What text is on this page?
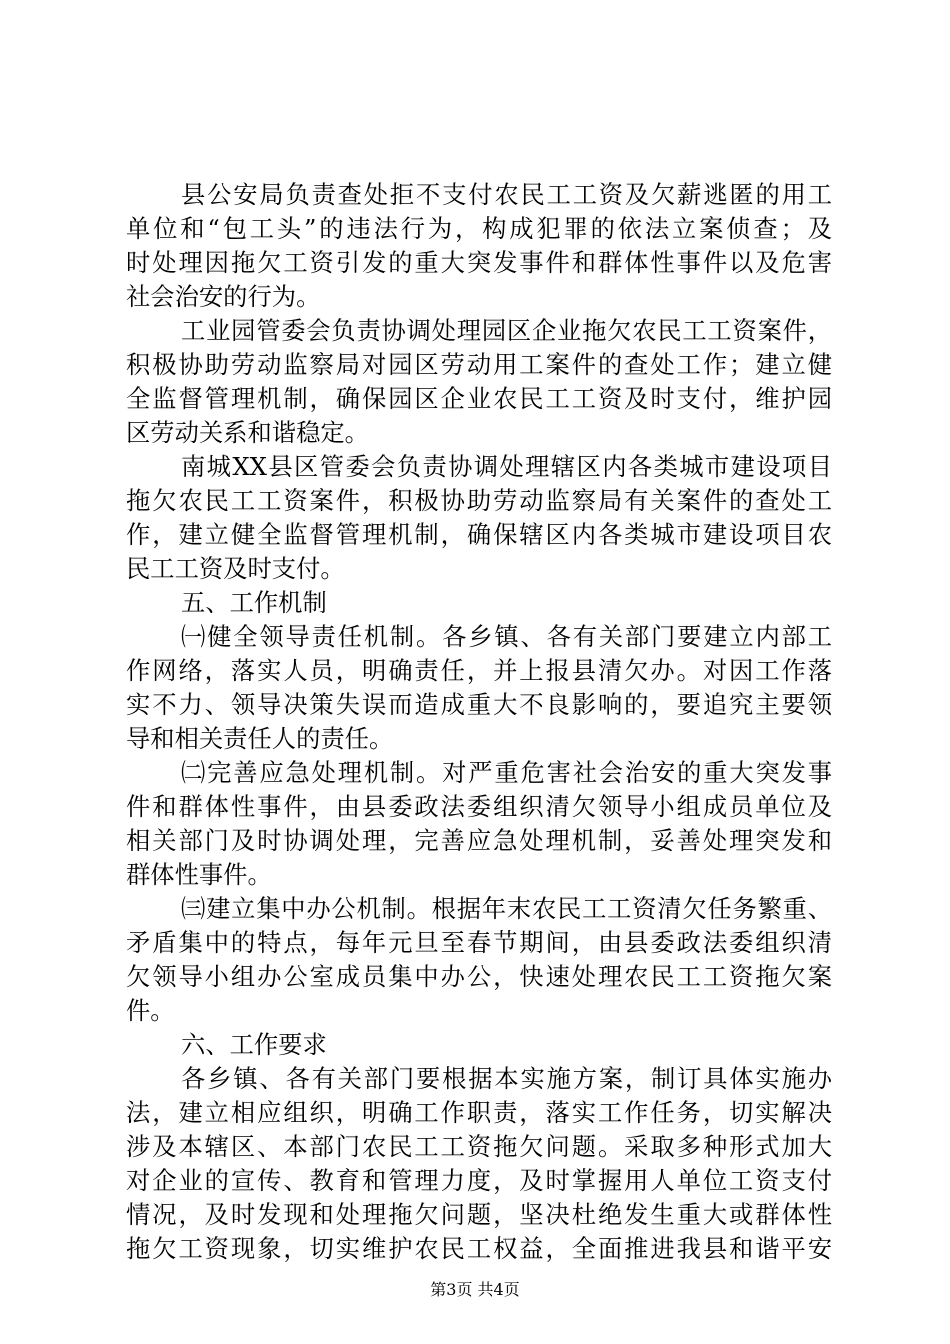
县公安局负责查处拒不支付农民工工资及欠薪逃匿的用工
单位和“包工头”的违法行为，构成犯罪的依法立案侦查；及
时处理因拖欠工资引发的重大突发事件和群体性事件以及危害
社会治安的行为。
工业园管委会负责协调处理园区企业拖欠农民工工资案件，
积极协助劳动监察局对园区劳动用工案件的查处工作；建立健
全监督管理机制，确保园区企业农民工工资及时支付，维护园
区劳动关系和谐稳定。
南城XX县区管委会负责协调处理辖区内各类城市建设项目
拖欠农民工工资案件，积极协助劳动监察局有关案件的查处工
作，建立健全监督管理机制，确保辖区内各类城市建设项目农
民工工资及时支付。
五、工作机制
㈠健全领导责任机制。各乡镇、各有关部门要建立内部工
作网络，落实人员，明确责任，并上报县清欠办。对因工作落
实不力、领导决策失误而造成重大不良影响的，要追究主要领
导和相关责任人的责任。
㈡完善应急处理机制。对严重危害社会治安的重大突发事
件和群体性事件，由县委政法委组织清欠领导小组成员单位及
相关部门及时协调处理，完善应急处理机制，妥善处理突发和
群体性事件。
㈢建立集中办公机制。根据年末农民工工资清欠任务繁重、
矛盾集中的特点，每年元旦至春节期间，由县委政法委组织清
欠领导小组办公室成员集中办公，快速处理农民工工资拖欠案
件。
六、工作要求
各乡镇、各有关部门要根据本实施方案，制订具体实施办
法，建立相应组织，明确工作职责，落实工作任务，切实解决
涉及本辖区、本部门农民工工资拖欠问题。采取多种形式加大
对企业的宣传、教育和管理力度，及时掌握用人单位工资支付
情况，及时发现和处理拖欠问题，坚决杜绝发生重大或群体性
拖欠工资现象，切实维护农民工权益，全面推进我县和谐平安
第3页 共4页
